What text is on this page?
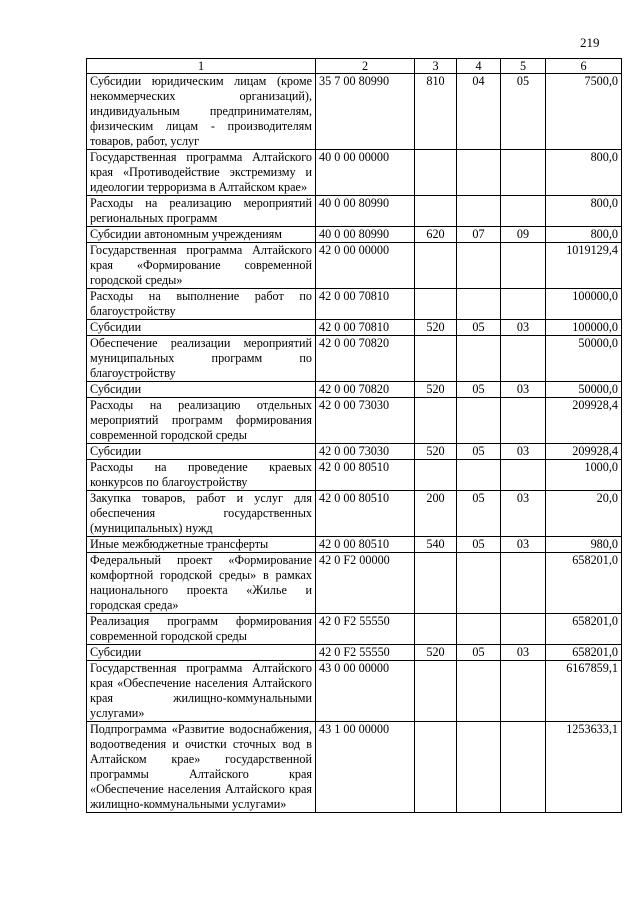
219
1	2	3	4	5	6
Субсидии юридическим лицам (кроме некоммерческих организаций), индивидуальным предпринимателям, физическим лицам - производителям товаров, работ, услуг	35 7 00 80990	810	04	05	7500,0
Государственная программа Алтайского края «Противодействие экстремизму и идеологии терроризма в Алтайском крае»	40 0 00 00000				800,0
Расходы на реализацию мероприятий региональных программ	40 0 00 80990				800,0
Субсидии автономным учреждениям	40 0 00 80990	620	07	09	800,0
Государственная программа Алтайского края «Формирование современной городской среды»	42 0 00 00000				1019129,4
Расходы на выполнение работ по благоустройству	42 0 00 70810				100000,0
Субсидии	42 0 00 70810	520	05	03	100000,0
Обеспечение реализации мероприятий муниципальных программ по благоустройству	42 0 00 70820				50000,0
Субсидии	42 0 00 70820	520	05	03	50000,0
Расходы на реализацию отдельных мероприятий программ формирования современной городской среды	42 0 00 73030				209928,4
Субсидии	42 0 00 73030	520	05	03	209928,4
Расходы на проведение краевых конкурсов по благоустройству	42 0 00 80510				1000,0
Закупка товаров, работ и услуг для обеспечения государственных (муниципальных) нужд	42 0 00 80510	200	05	03	20,0
Иные межбюджетные трансферты	42 0 00 80510	540	05	03	980,0
Федеральный проект «Формирование комфортной городской среды» в рамках национального проекта «Жилье и городская среда»	42 0 F2 00000				658201,0
Реализация программ формирования современной городской среды	42 0 F2 55550				658201,0
Субсидии	42 0 F2 55550	520	05	03	658201,0
Государственная программа Алтайского края «Обеспечение населения Алтайского края жилищно-коммунальными услугами»	43 0 00 00000				6167859,1
Подпрограмма «Развитие водоснабжения, водоотведения и очистки сточных вод в Алтайском крае» государственной программы Алтайского края «Обеспечение населения Алтайского края жилищно-коммунальными услугами»	43 1 00 00000				1253633,1
